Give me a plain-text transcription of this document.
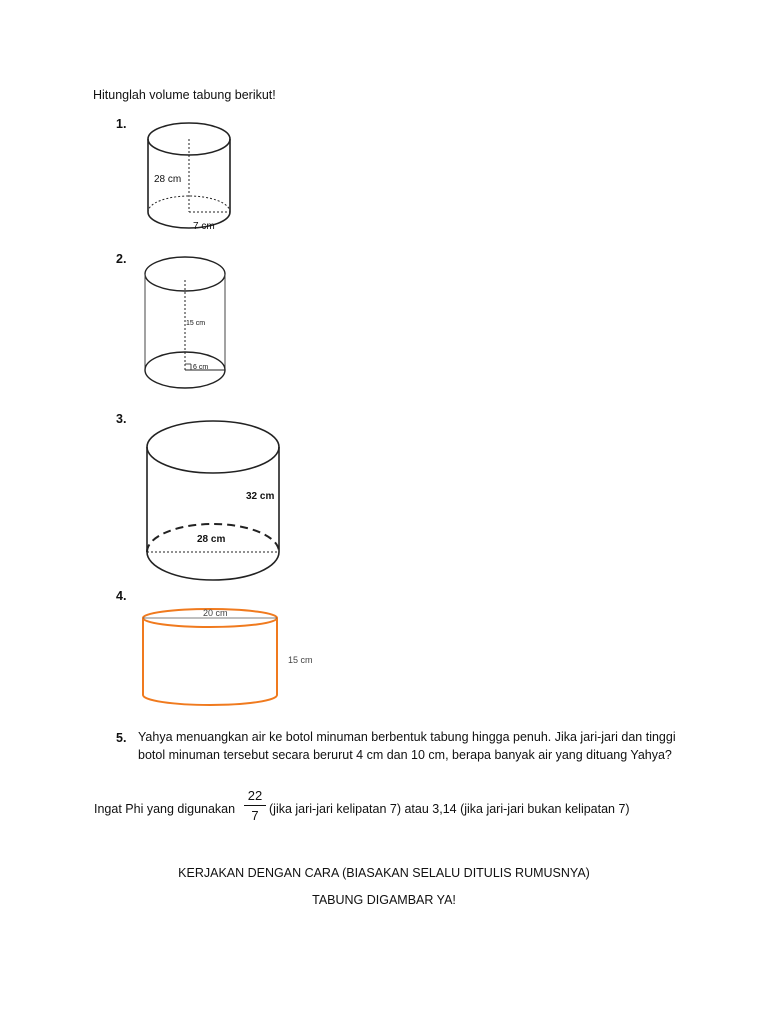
Hitunglah volume tabung berikut!
1.
28 cm
7 cm
2.
15 cm
6 cm
3.
32 cm
28 cm
4.
20 cm
15 cm
5. Yahya menuangkan air ke botol minuman berbentuk tabung hingga penuh. Jika jari-jari dan tinggi botol minuman tersebut secara berurut 4 cm dan 10 cm, berapa banyak air yang dituang Yahya?
Ingat Phi yang digunakan
22
7 (jika jari-jari kelipatan 7) atau 3,14 (jika jari-jari bukan kelipatan 7)
KERJAKAN DENGAN CARA (BIASAKAN SELALU DITULIS RUMUSNYA)
TABUNG DIGAMBAR YA!
